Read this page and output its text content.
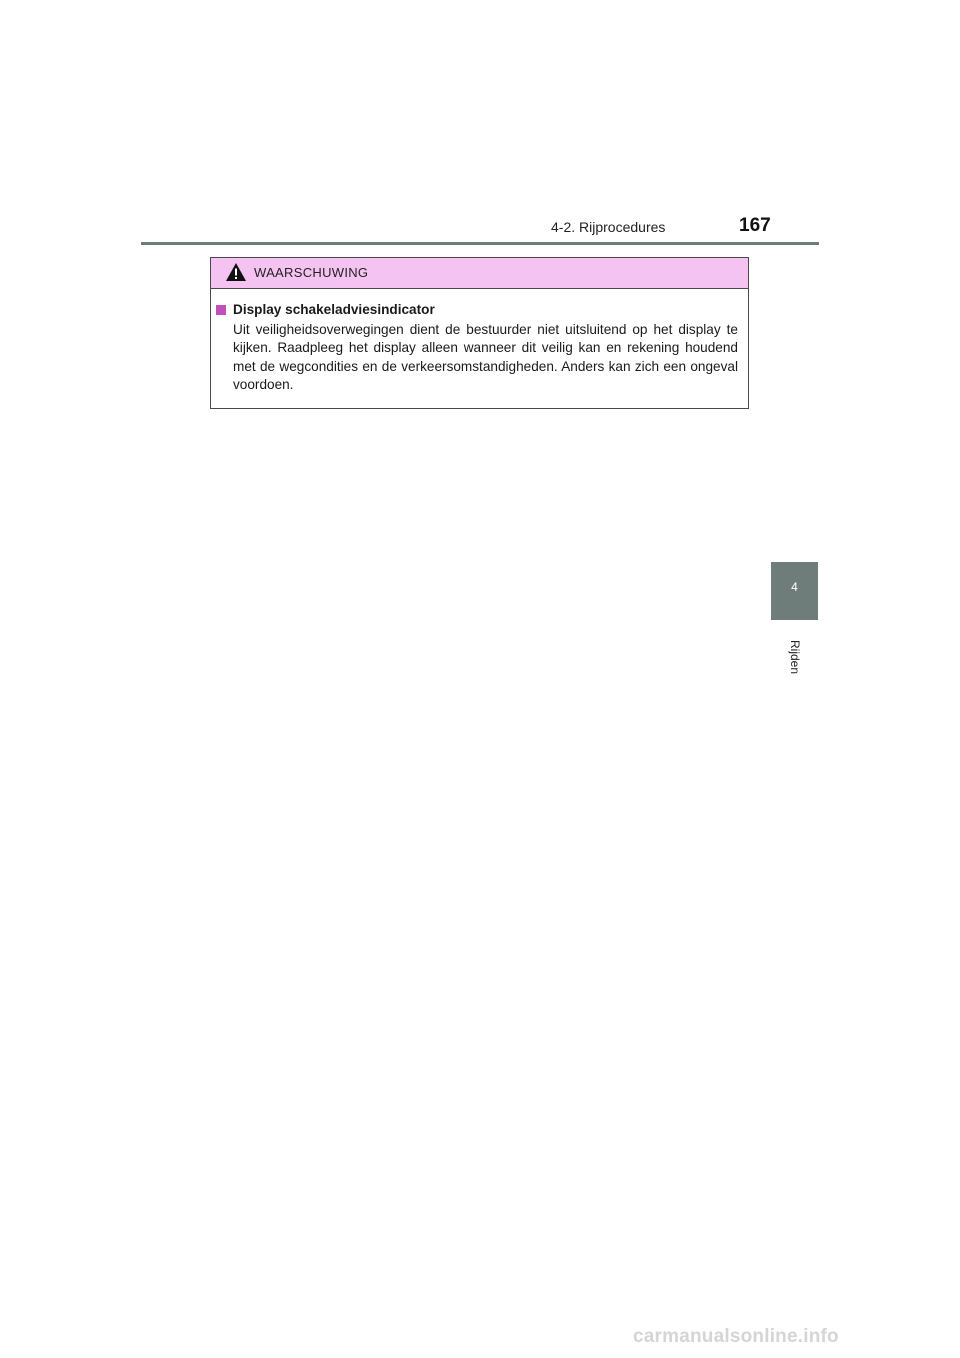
4-2. Rijprocedures	167
WAARSCHUWING
Display schakeladviesindicator
Uit veiligheidsoverwegingen dient de bestuurder niet uitsluitend op het display te kijken. Raadpleeg het display alleen wanneer dit veilig kan en rekening houdend met de wegcondities en de verkeersomstandigheden. Anders kan zich een ongeval voordoen.
4
Rijden
carmanualsonline.info
